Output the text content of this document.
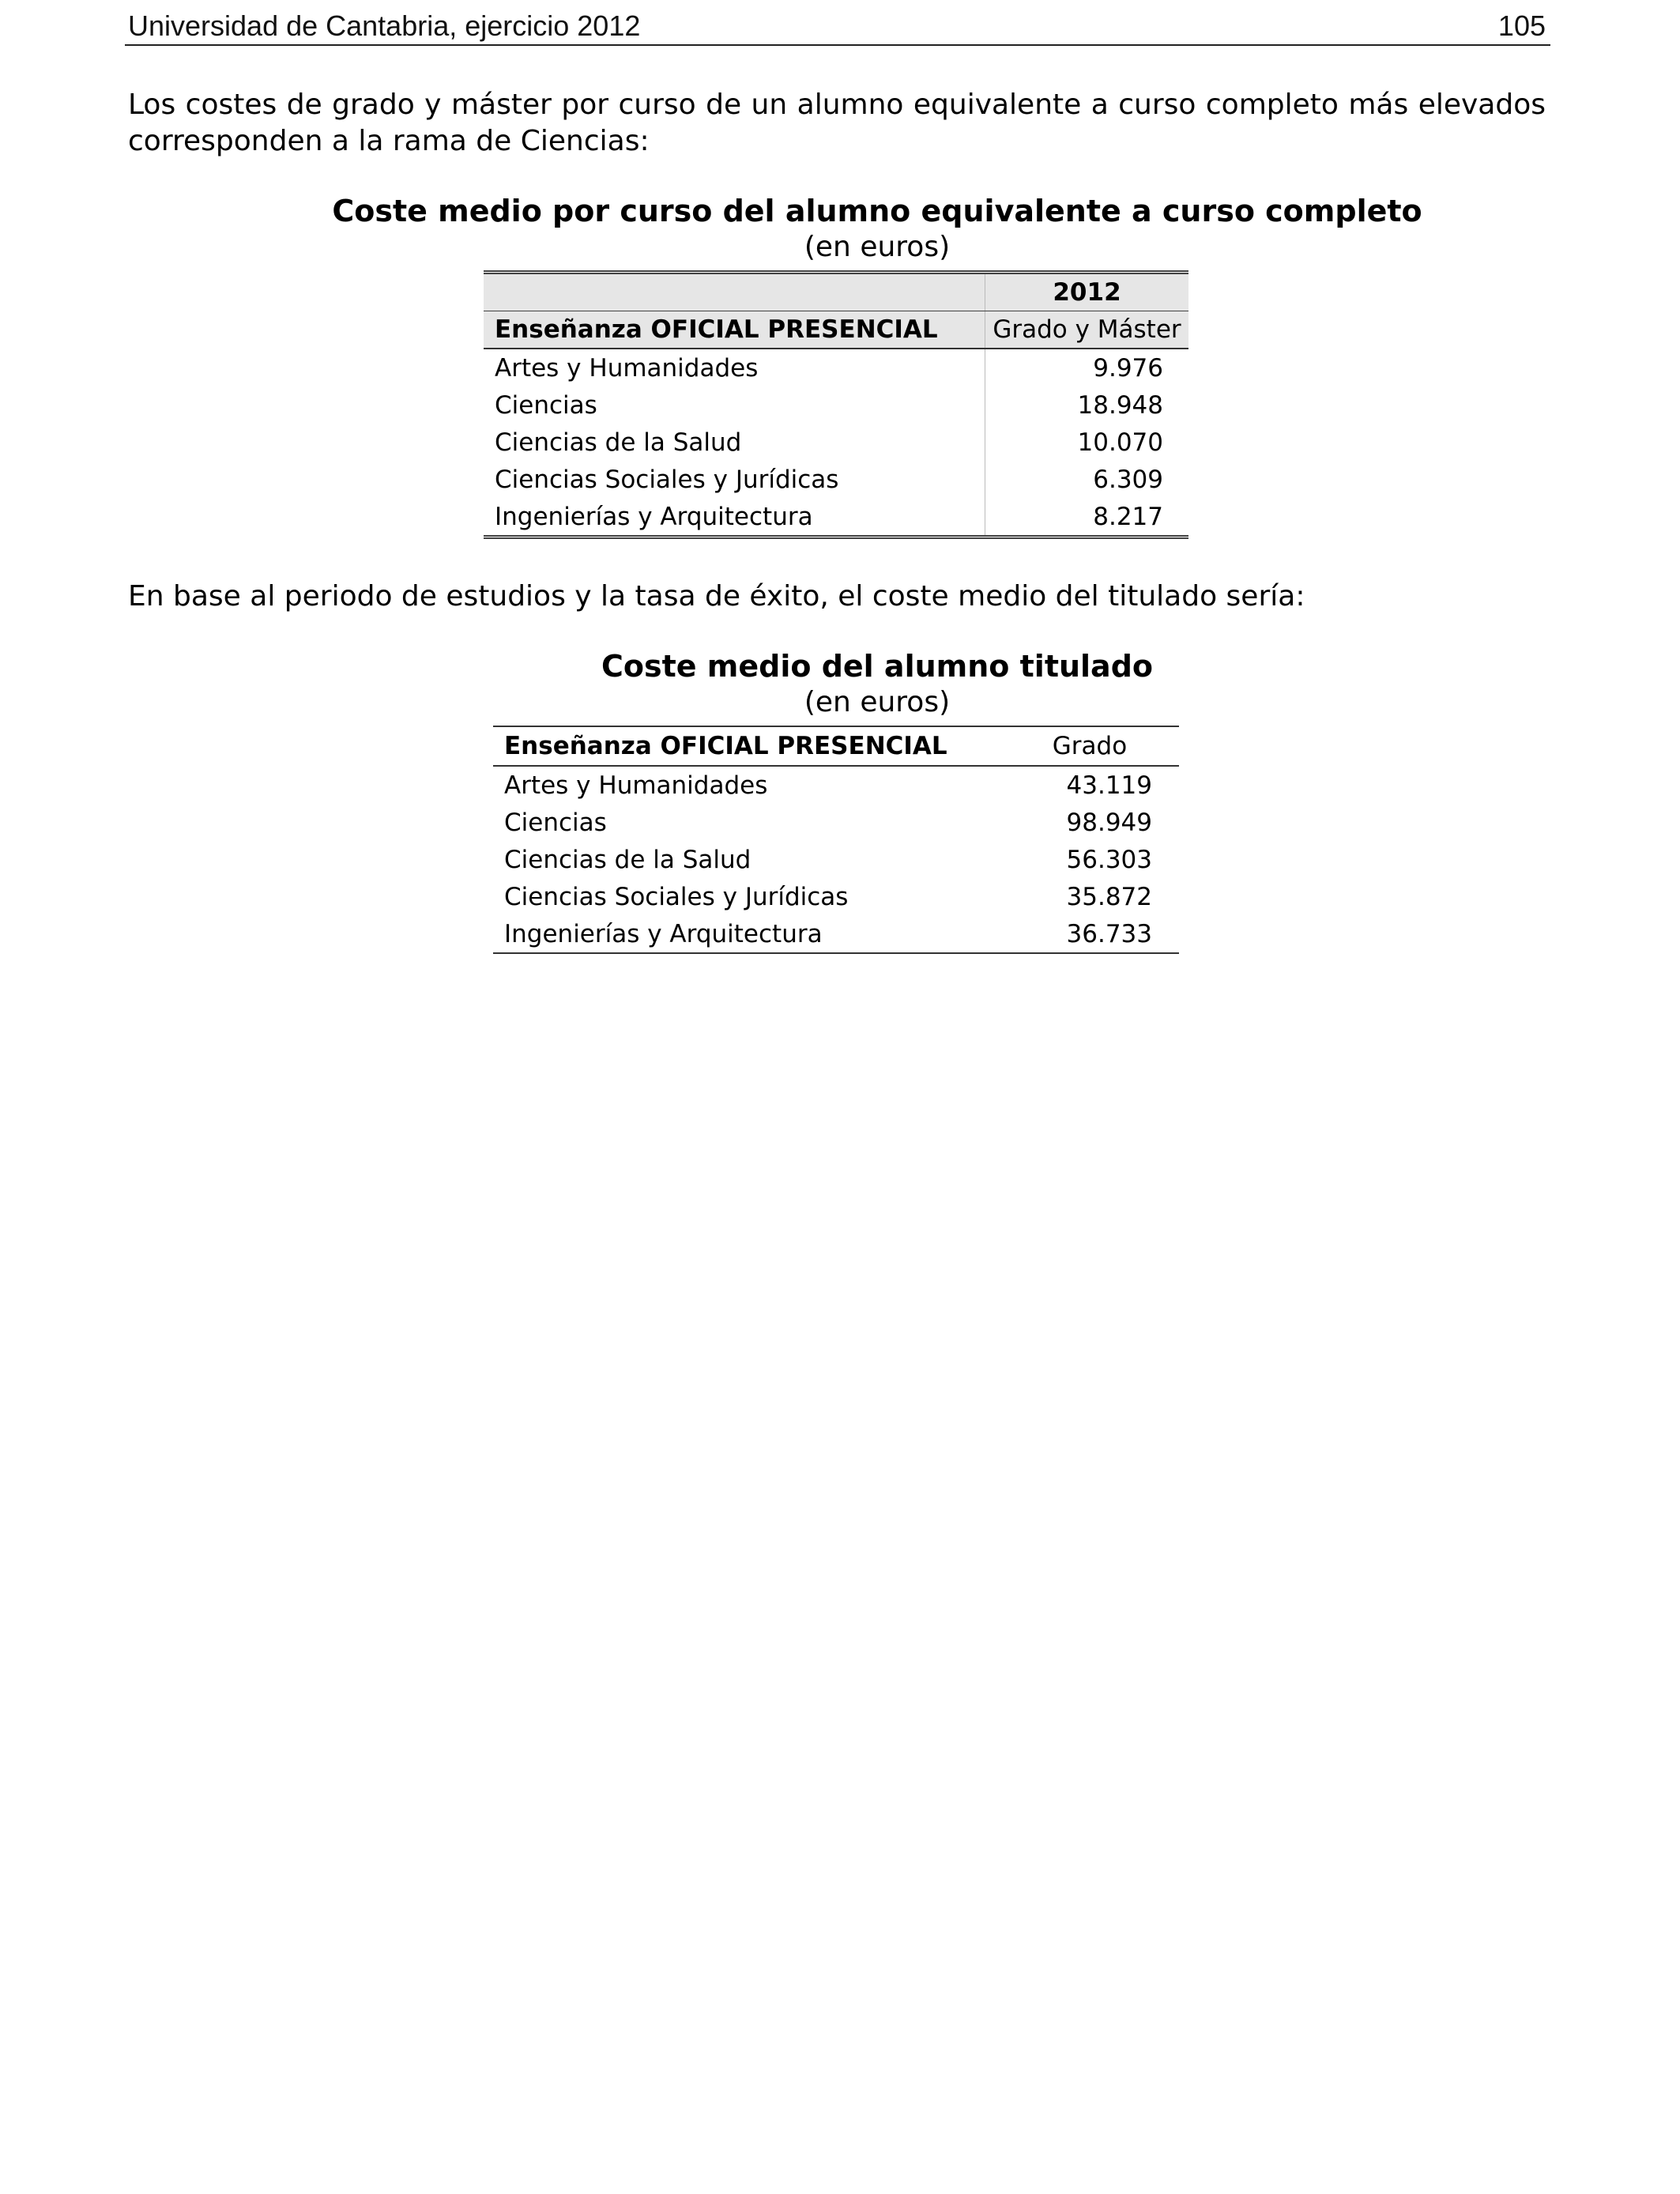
Universidad de Cantabria, ejercicio 2012	105
Los costes de grado y máster por curso de un alumno equivalente a curso completo más elevados corresponden a la rama de Ciencias:
Coste medio por curso del alumno equivalente a curso completo
(en euros)
	2012
Enseñanza OFICIAL PRESENCIAL	Grado y Máster
Artes y Humanidades	9.976
Ciencias	18.948
Ciencias de la Salud	10.070
Ciencias Sociales y Jurídicas	6.309
Ingenierías y Arquitectura	8.217
En base al periodo de estudios y la tasa de éxito, el coste medio del titulado sería:
Coste medio del alumno titulado
(en euros)
Enseñanza OFICIAL PRESENCIAL	Grado
Artes y Humanidades	43.119
Ciencias	98.949
Ciencias de la Salud	56.303
Ciencias Sociales y Jurídicas	35.872
Ingenierías y Arquitectura	36.733
